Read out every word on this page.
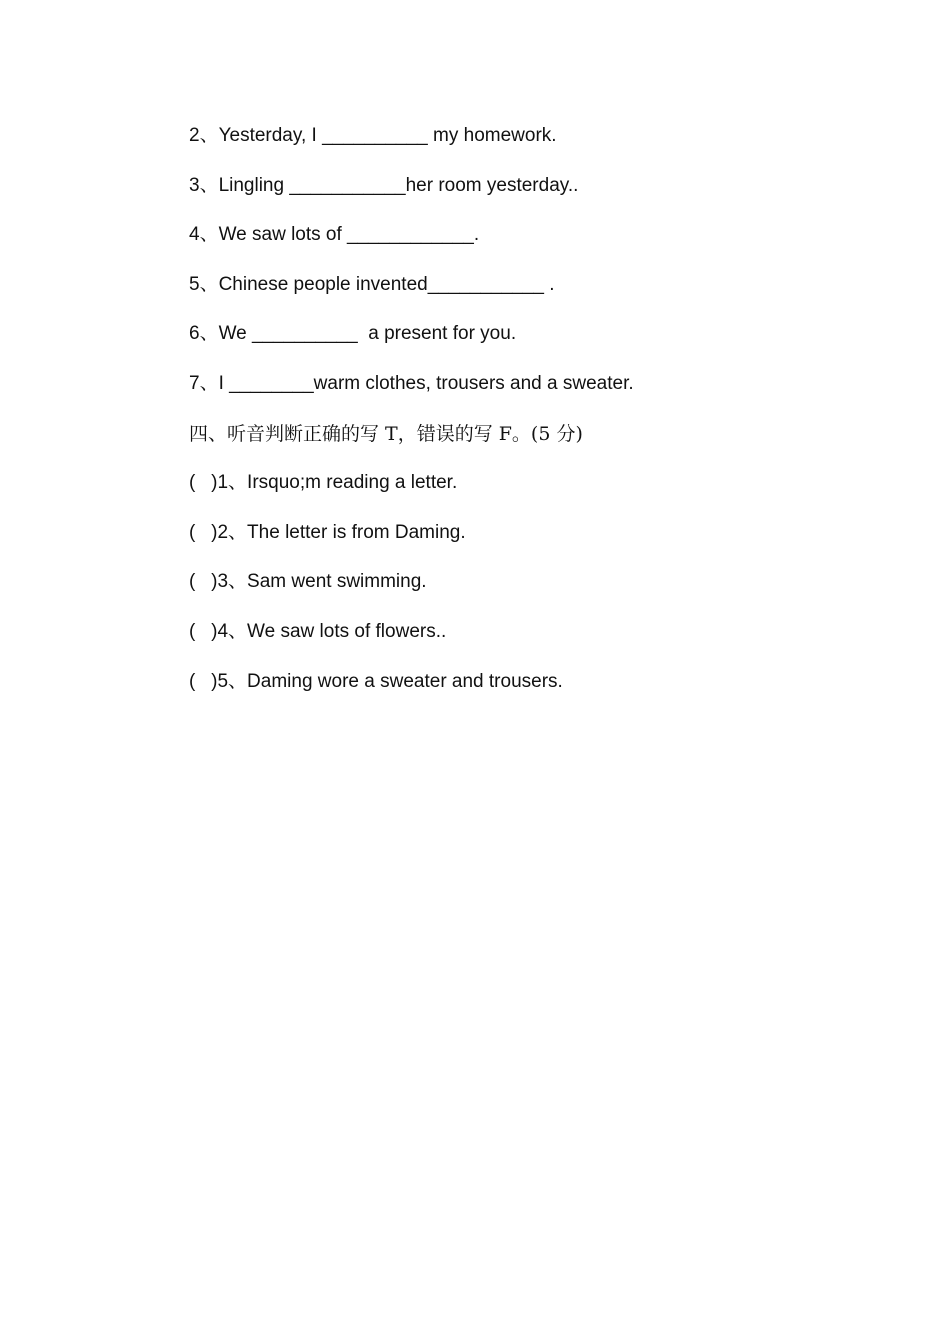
2、Yesterday, I __________ my homework.
3、Lingling ___________her room yesterday..
4、We saw lots of ____________.
5、Chinese people invented___________ .
6、We __________  a present for you.
7、I ________warm clothes, trousers and a sweater.
四、听音判断正确的写 T，错误的写 F。(5 分)
(   )1、Irsquo;m reading a letter.
(   )2、The letter is from Daming.
(   )3、Sam went swimming.
(   )4、We saw lots of flowers..
(   )5、Daming wore a sweater and trousers.
